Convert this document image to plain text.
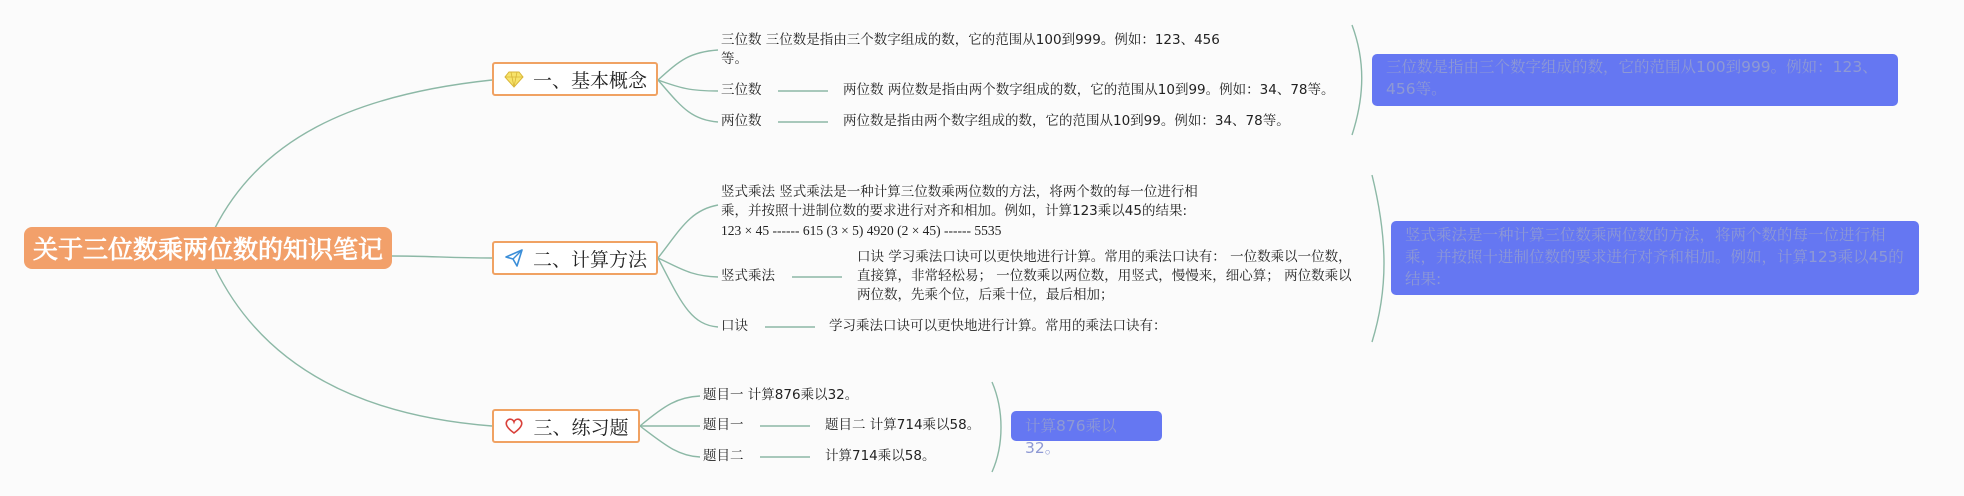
关于三位数乘两位数的知识笔记
一、基本概念
三位数 三位数是指由三个数字组成的数，它的范围从100到999。例如：123、456等。
三位数	两位数 两位数是指由两个数字组成的数，它的范围从10到99。例如：34、78等。
两位数	两位数是指由两个数字组成的数，它的范围从10到99。例如：34、78等。
三位数是指由三个数字组成的数，它的范围从100到999。例如：123、456等。
二、计算方法
竖式乘法 竖式乘法是一种计算三位数乘两位数的方法，将两个数的每一位进行相乘，并按照十进制位数的要求进行对齐和相加。例如，计算123乘以45的结果:
123 × 45 ------ 615 (3 × 5) 4920 (2 × 45) ------ 5535
竖式乘法
口诀 学习乘法口诀可以更快地进行计算。常用的乘法口诀有： 一位数乘以一位数，直接算，非常轻松易； 一位数乘以两位数，用竖式，慢慢来，细心算； 两位数乘以两位数，先乘个位，后乘十位，最后相加；
口诀	学习乘法口诀可以更快地进行计算。常用的乘法口诀有：
竖式乘法是一种计算三位数乘两位数的方法，将两个数的每一位进行相乘，并按照十进制位数的要求进行对齐和相加。例如，计算123乘以45的结果:
三、练习题
题目一 计算876乘以32。
题目一	题目二 计算714乘以58。
题目二	计算714乘以58。
计算876乘以32。
